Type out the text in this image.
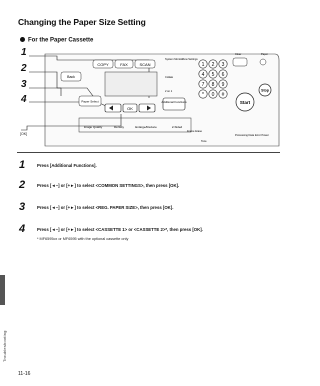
Troubleshooting
Changing the Paper Size Setting
For the Paper Cassette
1
2
3
4
COPY	FAX	SCAN
Back
Paper Select
OK
Additional Functions
Image Quality	Density	Enlarge/Reduce	2-Sided
System Monitor
View Settings
Collate
2 on 1
Frame Erase
Clear	Paper
Processing Data Error Power
Tone
1 2 3
4 5 6
7 8 9
* 0 #
Start
Stop
[OK]
1	Press [Additional Functions].
2	Press [◄−] or [+►] to select <COMMON SETTINGS>, then press [OK].
3	Press [◄−] or [+►] to select <REG. PAPER SIZE>, then press [OK].
4	Press [◄−] or [+►] to select <CASSETTE 1> or <CASSETTE 2>*, then press [OK].
* MF6595cx or MF6595 with the optional cassette only
11-16
